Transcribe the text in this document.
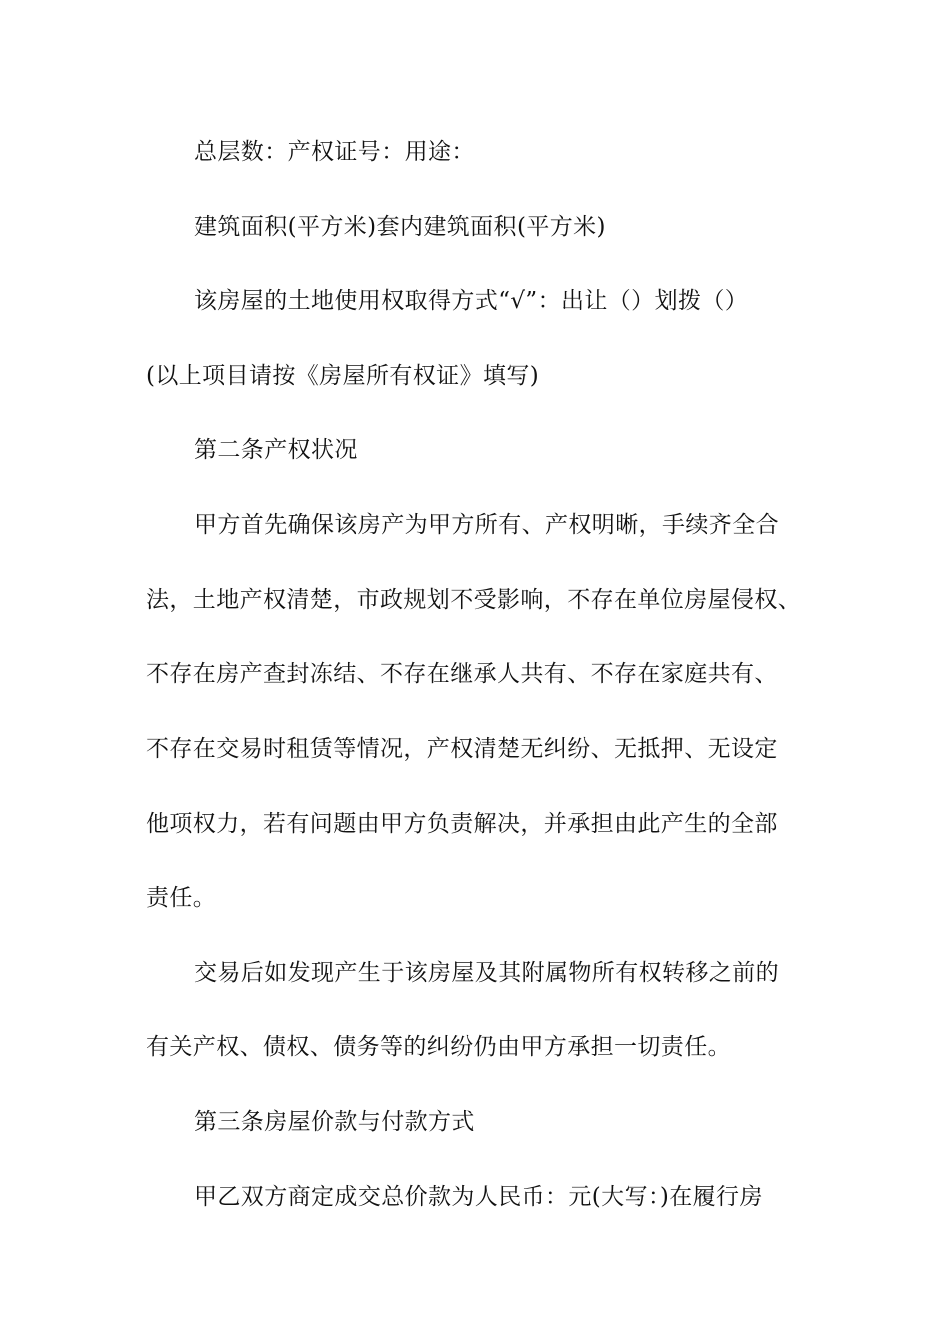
总层数：产权证号：用途：
建筑面积(平方米)套内建筑面积(平方米)
该房屋的土地使用权取得方式“√”：出让（）划拨（）
(以上项目请按《房屋所有权证》填写)
第二条产权状况
甲方首先确保该房产为甲方所有、产权明晰，手续齐全合
法，土地产权清楚，市政规划不受影响，不存在单位房屋侵权、
不存在房产查封冻结、不存在继承人共有、不存在家庭共有、
不存在交易时租赁等情况，产权清楚无纠纷、无抵押、无设定
他项权力，若有问题由甲方负责解决，并承担由此产生的全部
责任。
交易后如发现产生于该房屋及其附属物所有权转移之前的
有关产权、债权、债务等的纠纷仍由甲方承担一切责任。
第三条房屋价款与付款方式
甲乙双方商定成交总价款为人民币：元(大写：)在履行房
